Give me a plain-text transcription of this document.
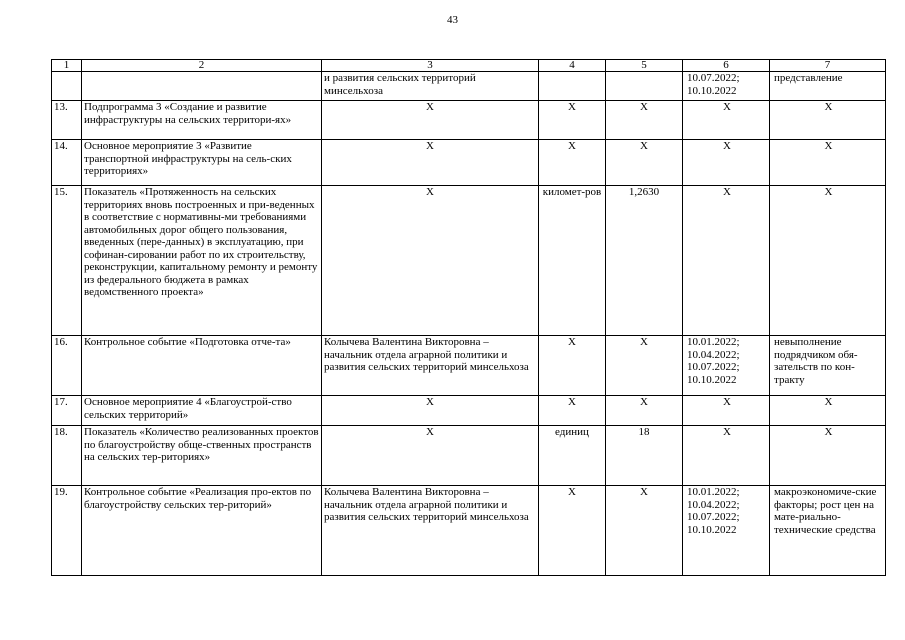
43
1	2	3	4	5	6	7
		и развития сельских территорий минсельхоза			10.07.2022;
10.10.2022	представление
13.	Подпрограмма 3 «Создание и развитие инфраструктуры на сельских территори-ях»	Х	Х	Х	Х	Х
14.	Основное мероприятие 3 «Развитие транспортной инфраструктуры на сель-ских территориях»	Х	Х	Х	Х	Х
15.	Показатель «Протяженность на сельских территориях вновь построенных и при-веденных в соответствие с нормативны-ми требованиями автомобильных дорог общего пользования, введенных (пере-данных) в эксплуатацию, при софинан-сировании работ по их строительству, реконструкции, капитальному ремонту и ремонту из федерального бюджета в рамках ведомственного проекта»	Х	километ-ров	1,2630	Х	Х
16.	Контрольное событие «Подготовка отче-та»	Колычева Валентина Викторовна – начальник отдела аграрной политики и развития сельских территорий минсельхоза	Х	Х	10.01.2022;
10.04.2022;
10.07.2022;
10.10.2022	невыполнение подрядчиком обя-зательств по кон-тракту
17.	Основное мероприятие 4 «Благоустрой-ство сельских территорий»	Х	Х	Х	Х	Х
18.	Показатель «Количество реализованных проектов по благоустройству обще-ственных пространств на сельских тер-риториях»	Х	единиц	18	Х	Х
19.	Контрольное событие «Реализация про-ектов по благоустройству сельских тер-риторий»	Колычева Валентина Викторовна – начальник отдела аграрной политики и развития сельских территорий минсельхоза	Х	Х	10.01.2022;
10.04.2022;
10.07.2022;
10.10.2022	макроэкономиче-ские факторы; рост цен на мате-риально-технические средства
